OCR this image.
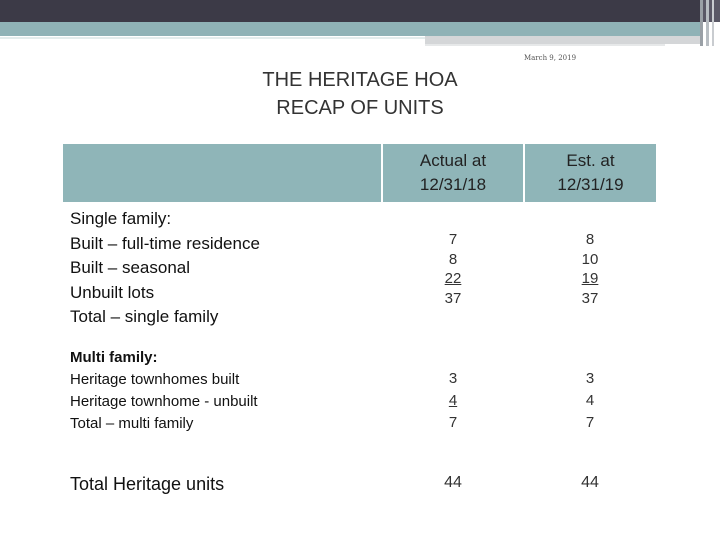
March 9, 2019
THE HERITAGE HOA
RECAP OF UNITS
Actual at
12/31/18
Est. at
12/31/19
Single family:
Built – full-time residence
Built – seasonal
Unbuilt lots
Total – single family
7
8
22
37
8
10
19
37
Multi family:
Heritage townhomes built
Heritage townhome - unbuilt
Total – multi family
3
4
7
3
4
7
Total Heritage units	44	44
